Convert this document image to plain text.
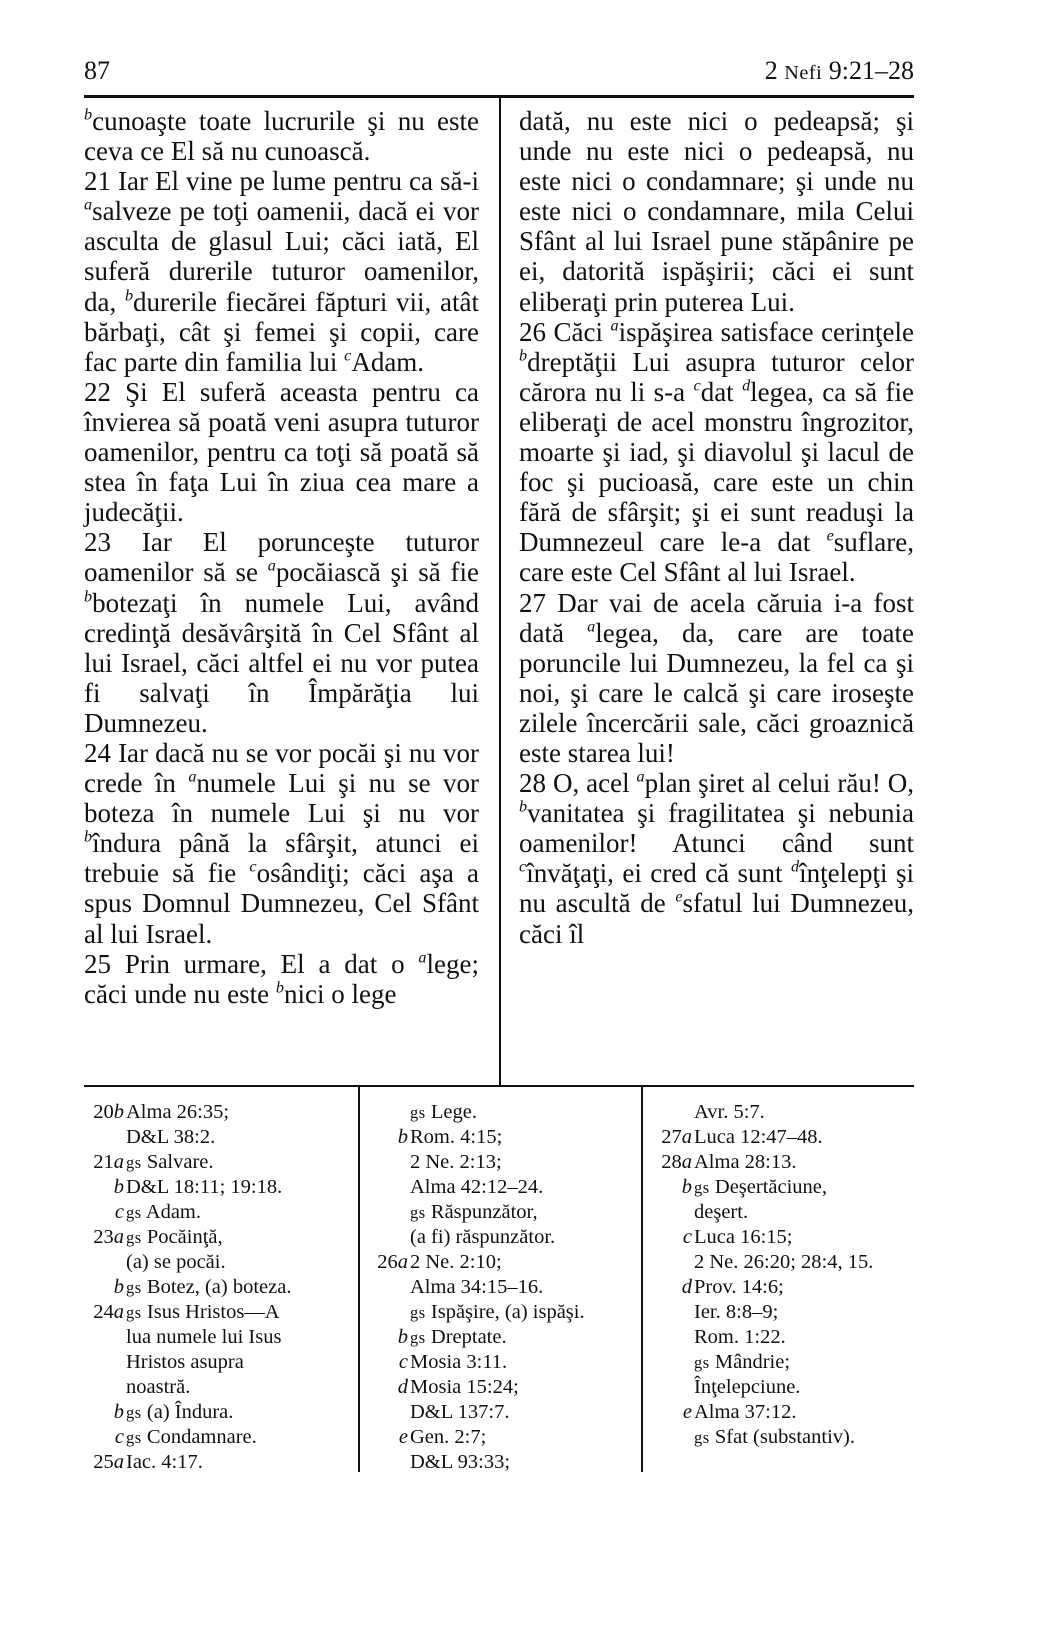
87	2 Nefi 9:21–28

$^b$cunoaşte toate lucrurile şi nu este ceva ce El să nu cunoască.

21 Iar El vine pe lume pentru ca să-i $^a$salveze pe toţi oamenii, dacă ei vor asculta de glasul Lui; căci iată, El suferă durerile tuturor oamenilor, da, $^b$durerile fiecărei făpturi vii, atât bărbaţi, cât şi femei şi copii, care fac parte din familia lui $^c$Adam.

22 Şi El suferă aceasta pentru ca învierea să poată veni asupra tuturor oamenilor, pentru ca toţi să poată să stea în faţa Lui în ziua cea mare a judecăţii.

23 Iar El porunceşte tuturor oamenilor să se $^a$pocăiască şi să fie $^b$botezaţi în numele Lui, având credinţă desăvârşită în Cel Sfânt al lui Israel, căci altfel ei nu vor putea fi salvaţi în Împărăţia lui Dumnezeu.

24 Iar dacă nu se vor pocăi şi nu vor crede în $^a$numele Lui şi nu se vor boteza în numele Lui şi nu vor $^b$îndura până la sfârşit, atunci ei trebuie să fie $^c$osândiţi; căci aşa a spus Domnul Dumnezeu, Cel Sfânt al lui Israel.

25 Prin urmare, El a dat o $^a$lege; căci unde nu este $^b$nici o lege

dată, nu este nici o pedeapsă; şi unde nu este nici o pedeapsă, nu este nici o condamnare; şi unde nu este nici o condamnare, mila Celui Sfânt al lui Israel pune stăpânire pe ei, datorită ispăşirii; căci ei sunt eliberaţi prin puterea Lui.

26 Căci $^a$ispăşirea satisface cerinţele $^b$dreptăţii Lui asupra tuturor celor cărora nu li s-a $^c$dat $^d$legea, ca să fie eliberaţi de acel monstru îngrozitor, moarte şi iad, şi diavolul şi lacul de foc şi pucioasă, care este un chin fără de sfârşit; şi ei sunt readuşi la Dumnezeul care le-a dat $^e$suflare, care este Cel Sfânt al lui Israel.

27 Dar vai de acela căruia i-a fost dată $^a$legea, da, care are toate poruncile lui Dumnezeu, la fel ca şi noi, şi care le calcă şi care iroseşte zilele încercării sale, căci groaznică este starea lui!

28 O, acel $^a$plan şiret al celui rău! O, $^b$vanitatea şi fragilitatea şi nebunia oamenilor! Atunci când sunt $^c$învăţaţi, ei cred că sunt $^d$înţelepţi şi nu ascultă de $^e$sfatul lui Dumnezeu, căci îl

20b Alma 26:35;
D&L 38:2.
21a gs Salvare.
b D&L 18:11; 19:18.
c gs Adam.
23a gs Pocăinţă,
(a) se pocăi.
b gs Botez, (a) boteza.
24a gs Isus Hristos—A
lua numele lui Isus
Hristos asupra
noastră.
b gs (a) Îndura.
c gs Condamnare.
25a Iac. 4:17.
gs Lege.
b Rom. 4:15;
2 Ne. 2:13;
Alma 42:12–24.
gs Răspunzător,
(a fi) răspunzător.
26a 2 Ne. 2:10;
Alma 34:15–16.
gs Ispăşire, (a) ispăşi.
b gs Dreptate.
c Mosia 3:11.
d Mosia 15:24;
D&L 137:7.
e Gen. 2:7;
D&L 93:33;
Avr. 5:7.
27a Luca 12:47–48.
28a Alma 28:13.
b gs Deşertăciune,
deşert.
c Luca 16:15;
2 Ne. 26:20; 28:4, 15.
d Prov. 14:6;
Ier. 8:8–9;
Rom. 1:22.
gs Mândrie;
Înţelepciune.
e Alma 37:12.
gs Sfat (substantiv).
